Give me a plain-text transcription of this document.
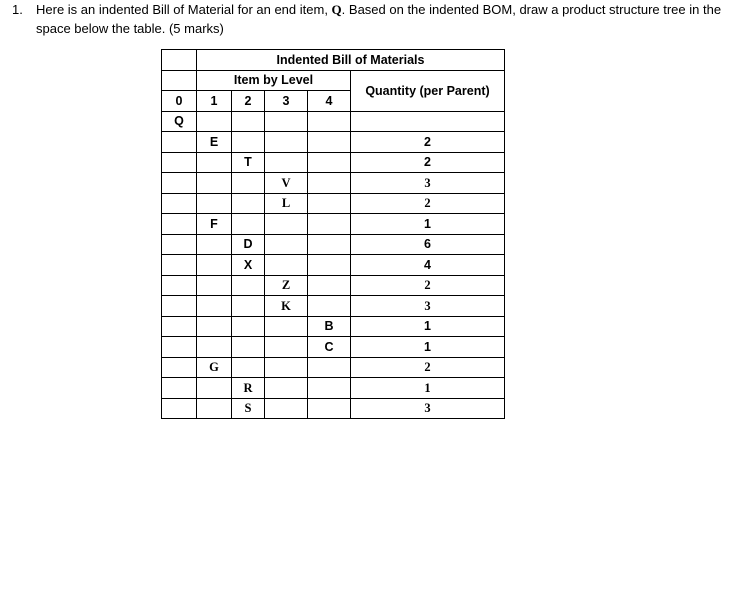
1. Here is an indented Bill of Material for an end item, Q. Based on the indented BOM, draw a product structure tree in the space below the table. (5 marks)
	Indented Bill of Materials				
	Item by Level				Quantity (per Parent)
0	1	2	3	4	
Q					
	E				2
		T			2
			V		3
			L		2
	F				1
		D			6
		X			4
			Z		2
			K		3
				B	1
				C	1
	G				2
		R			1
		S			3
